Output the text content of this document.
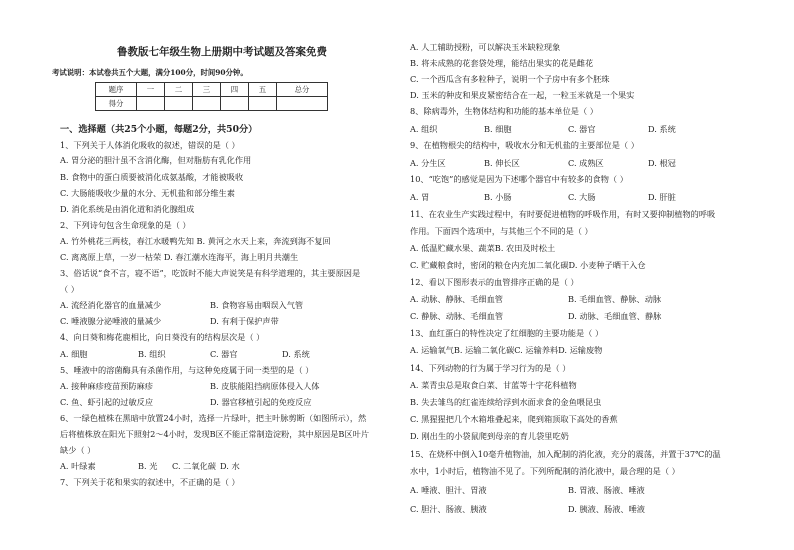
鲁教版七年级生物上册期中考试题及答案免费
考试说明：本试卷共五个大题，满分100分，时间90分钟。
题序	一	二	三	四	五	总分
得分						
一、选择题（共25个小题，每题2分，共50分）
1、下列关于人体消化吸收的叙述，错误的是（ ）
A. 胃分泌的胆汁虽不含消化酶，但对脂肪有乳化作用
B. 食物中的蛋白质要被消化成氨基酸，才能被吸收
C. 大肠能吸收少量的水分、无机盐和部分维生素
D. 消化系统是由消化道和消化腺组成
2、下列诗句包含生命现象的是（ ）
A. 竹外桃花三两枝，春江水暖鸭先知 B. 黄河之水天上来，奔流到海不复回
C. 离离原上草，一岁一枯荣 D. 春江潮水连海平，海上明月共潮生
3、俗话说“食不言，寝不语”，吃饭时不能大声说笑是有科学道理的，其主要原因是
（ ）
A. 流经消化器官的血量减少	B. 食物容易由咽误入气管
C. 唾液腺分泌唾液的量减少	D. 有利于保护声带
4、向日葵和梅花鹿相比，向日葵没有的结构层次是（ ）
A. 细胞	B. 组织	C. 器官	D. 系统
5、唾液中的溶菌酶具有杀菌作用，与这种免疫属于同一类型的是（ ）
A. 接种麻疹疫苗预防麻疹	B. 皮肤能阻挡病原体侵入人体
C. 鱼、虾引起的过敏反应	D. 器官移植引起的免疫反应
6、一绿色植株在黑暗中放置24小时，选择一片绿叶，把主叶脉剪断（如图所示），然
后将植株放在阳光下照射2～4小时，发现B区不能正常制造淀粉，其中原因是B区叶片
缺少（ ）
A. 叶绿素	B. 光 C. 二氧化碳 D. 水
7、下列关于花和果实的叙述中，不正确的是（ ）
A. 人工辅助授粉，可以解决玉米缺粒现象
B. 将未成熟的花套袋处理，能结出果实的花是雌花
C. 一个西瓜含有多粒种子，说明一个子房中有多个胚珠
D. 玉米的种皮和果皮紧密结合在一起，一粒玉米就是一个果实
8、除病毒外，生物体结构和功能的基本单位是（ ）
A. 组织	B. 细胞	C. 器官	D. 系统
9、在植物根尖的结构中，吸收水分和无机盐的主要部位是（ ）
A. 分生区	B. 伸长区	C. 成熟区	D. 根冠
10、“吃饱”的感觉是因为下述哪个器官中有较多的食物（ ）
A. 胃	B. 小肠	C. 大肠	D. 肝脏
11、在农业生产实践过程中，有时要促进植物的呼吸作用，有时又要抑制植物的呼吸
作用。下面四个选项中，与其他三个不同的是（ ）
A. 低温贮藏水果、蔬菜B. 农田及时松土
C. 贮藏粮食时，密闭的粮仓内充加二氧化碳D. 小麦种子晒干入仓
12、看以下图形表示的血管排序正确的是（ ）
A. 动脉、静脉、毛细血管	B. 毛细血管、静脉、动脉
C. 静脉、动脉、毛细血管	D. 动脉、毛细血管、静脉
13、血红蛋白的特性决定了红细胞的主要功能是（ ）
A. 运输氧气B. 运输二氧化碳C. 运输养料D. 运输废物
14、下列动物的行为属于学习行为的是（ ）
A. 菜青虫总是取食白菜、甘蓝等十字花科植物
B. 失去雏鸟的红雀连续给浮到水面求食的金鱼喂昆虫
C. 黑猩猩把几个木箱堆叠起来，爬到箱顶取下高处的香蕉
D. 刚出生的小袋鼠爬到母亲的育儿袋里吃奶
15、在烧杯中倒入10毫升植物油，加入配制的消化液，充分的震荡，并置于37℃的温
水中，1小时后，植物油不见了。下列所配制的消化液中，最合理的是（ ）
A. 唾液、胆汁、胃液	B. 胃液、肠液、唾液
C. 胆汁、肠液、胰液	D. 胰液、肠液、唾液
